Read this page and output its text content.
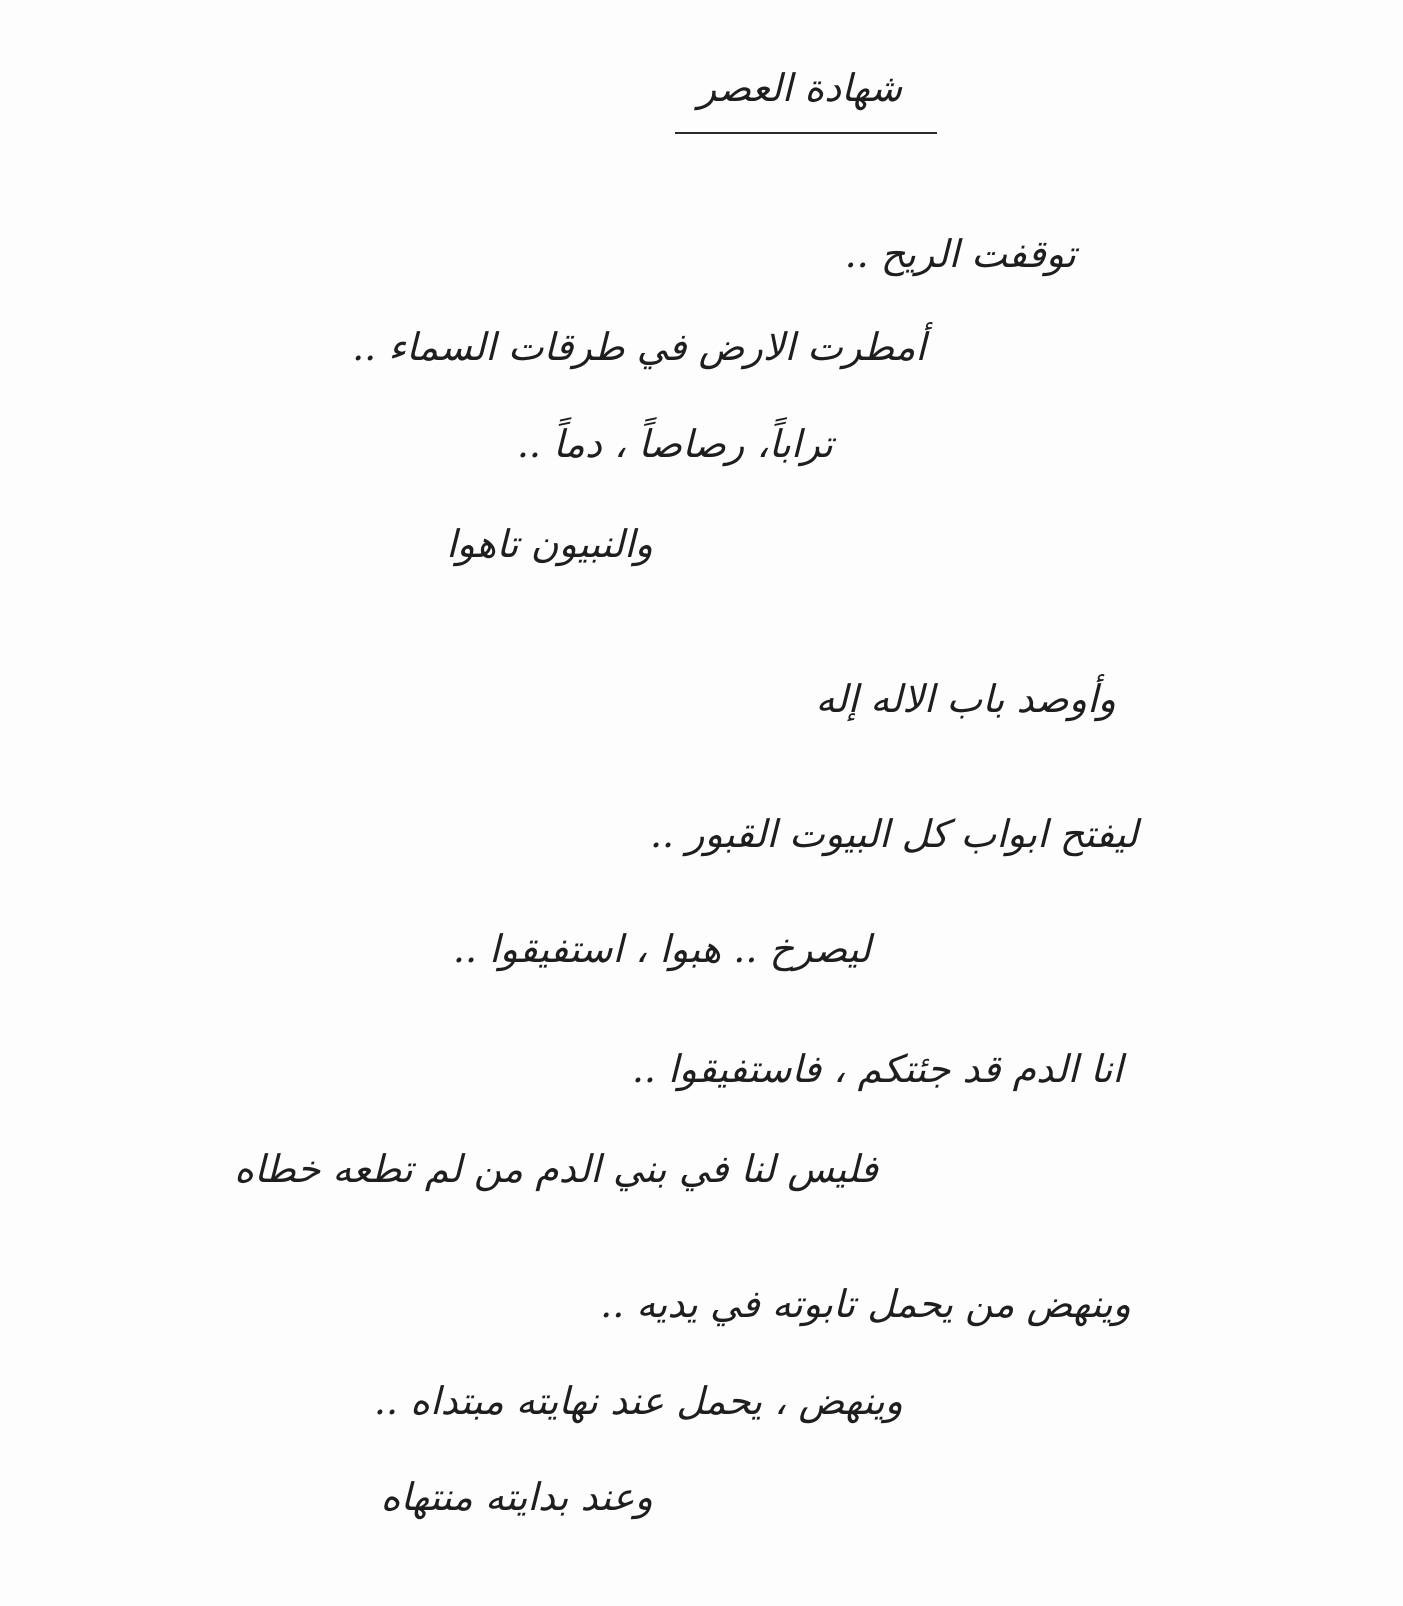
شهادة العصر
توقفت الريح ..
أمطرت الارض في طرقات السماء ..
تراباً، رصاصاً ، دماً ..
والنبيون تاهوا
وأوصد باب الاله إله
ليفتح ابواب كل البيوت القبور ..
ليصرخ .. هبوا ، استفيقوا ..
انا الدم قد جئتكم ، فاستفيقوا ..
فليس لنا في بني الدم من لم تطعه خطاه
وينهض من يحمل تابوته في يديه ..
وينهض ، يحمل عند نهايته مبتداه ..
وعند بدايته منتهاه
